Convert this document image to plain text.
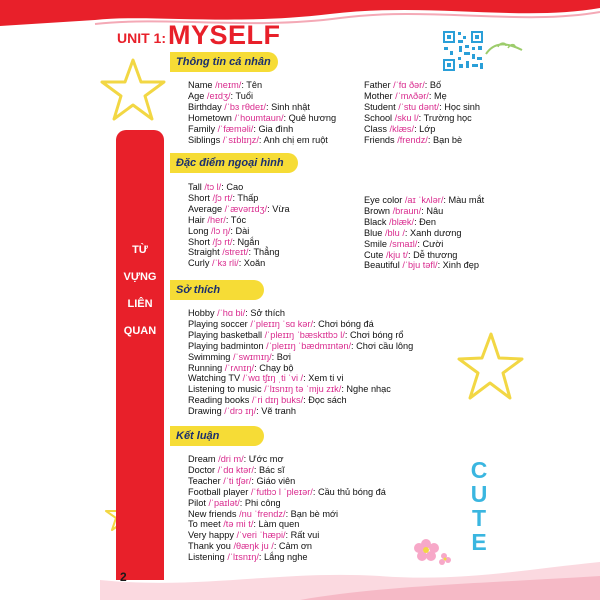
UNIT 1: MYSELF
C
U
T
E
TỪ
VỰNG
LIÊN
QUAN
Thông tin cá nhân
Đặc điểm ngoại hình
Sở thích
Kết luận
Name /neɪm/: Tên
Age /eɪdʒ/: Tuổi
Birthday /ˈbɜ rθdeɪ/: Sinh nhật
Hometown /ˈhoumtaun/: Quê hương
Family /ˈfæməli/: Gia đình
Siblings /ˈsɪblɪŋz/: Anh chị em ruột
Father /ˈfɑ ðər/: Bố
Mother /ˈmʌðər/: Mẹ
Student /ˈstu dənt/: Học sinh
School /sku l/: Trường học
Class /klæs/: Lớp
Friends /frendz/: Bạn bè
Tall /tɔ l/: Cao
Short /ʃɔ rt/: Thấp
Average /ˈævərɪdʒ/: Vừa
Hair /her/: Tóc
Long /lɔ ŋ/: Dài
Short /ʃɔ rt/: Ngắn
Straight /streɪt/: Thẳng
Curly /ˈkɜ rli/: Xoăn
Eye color /aɪ ˈkʌlər/: Màu mắt
Brown /braun/: Nâu
Black /blæk/: Đen
Blue /blu /: Xanh dương
Smile /smaɪl/: Cười
Cute /kju t/: Dễ thương
Beautiful /ˈbju təfl/: Xinh đẹp
Hobby /ˈhɑ bi/: Sở thích
Playing soccer /ˈpleɪɪŋ ˈsɑ kər/: Chơi bóng đá
Playing basketball /ˈpleɪɪŋ ˈbæskɪtbɔ l/: Chơi bóng rổ
Playing badminton /ˈpleɪɪŋ ˈbædmɪntən/: Chơi cầu lông
Swimming /ˈswɪmɪŋ/: Bơi
Running /ˈrʌnɪŋ/: Chạy bộ
Watching TV /ˈwɑ tʃɪŋ ˌti ˈvi /: Xem ti vi
Listening to music /ˈlɪsnɪŋ tə ˈmju zɪk/: Nghe nhạc
Reading books /ˈri dɪŋ buks/: Đọc sách
Drawing /ˈdrɔ ɪŋ/: Vẽ tranh
Dream /dri m/: Ước mơ
Doctor /ˈdɑ ktər/: Bác sĩ
Teacher /ˈti tʃər/: Giáo viên
Football player /ˈfutbɔ l ˈpleɪər/: Cầu thủ bóng đá
Pilot /ˈpaɪlət/: Phi công
New friends /nu ˈfrendz/: Bạn bè mới
To meet /tə mi t/: Làm quen
Very happy /ˈveri ˈhæpi/: Rất vui
Thank you /θæŋk ju /: Cảm ơn
Listening /ˈlɪsnɪŋ/: Lắng nghe
2
